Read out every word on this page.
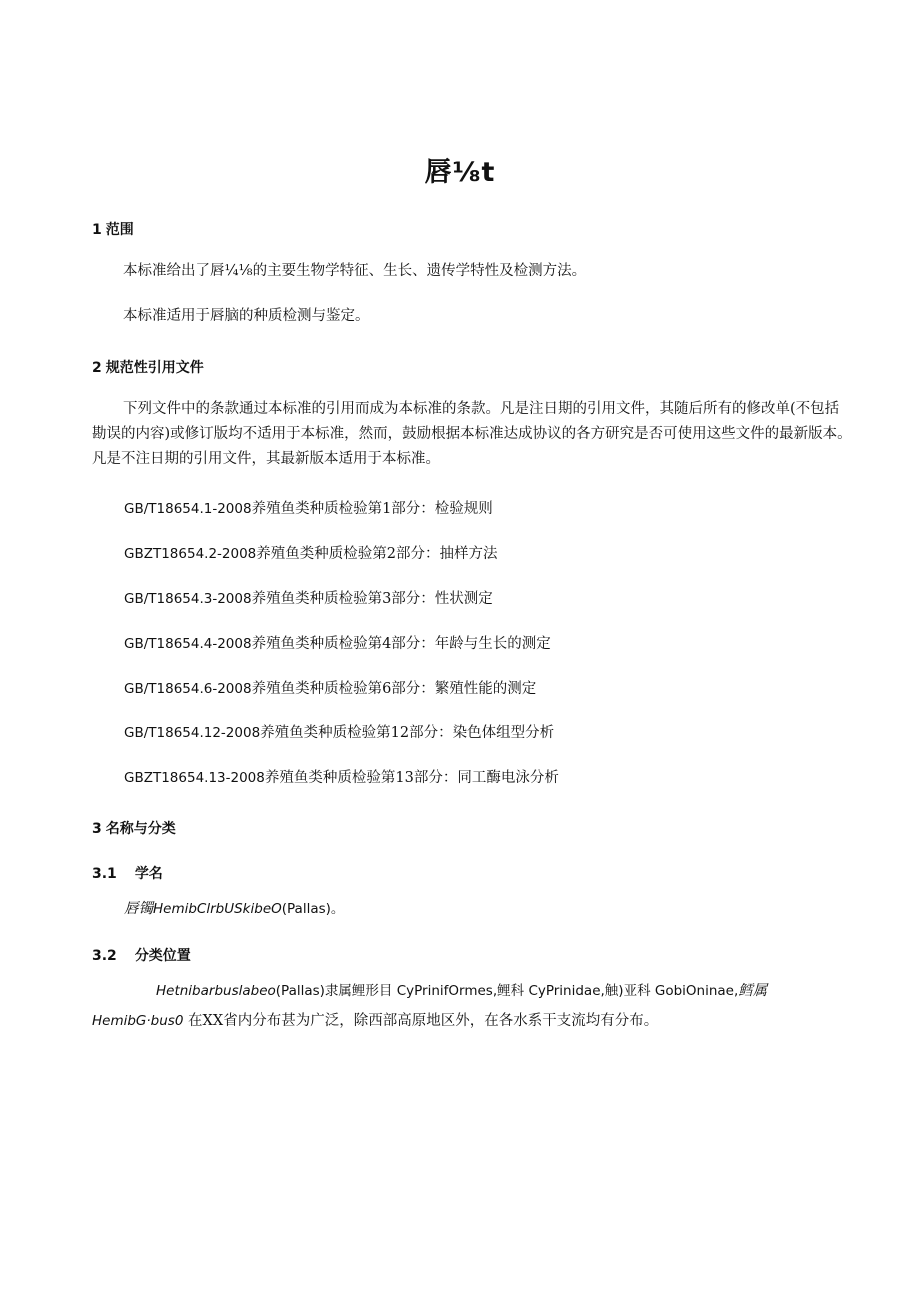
唇⅛t
1 范围

本标准给出了唇¼⅛的主要生物学特征、生长、遗传学特性及检测方法。

本标准适用于唇脑的种质检测与鉴定。

2 规范性引用文件

下列文件中的条款通过本标准的引用而成为本标准的条款。凡是注日期的引用文件，其随后所有的修改单(不包括勘误的内容)或修订版均不适用于本标准，然而，鼓励根据本标准达成协议的各方研究是否可使用这些文件的最新版本。凡是不注日期的引用文件，其最新版本适用于本标准。

GB/T18654.1-2008养殖鱼类种质检验第1部分：检验规则

GBZT18654.2-2008养殖鱼类种质检验第2部分：抽样方法

GB/T18654.3-2008养殖鱼类种质检验第3部分：性状测定

GB/T18654.4-2008养殖鱼类种质检验第4部分：年龄与生长的测定

GB/T18654.6-2008养殖鱼类种质检验第6部分：繁殖性能的测定

GB/T18654.12-2008养殖鱼类种质检验第12部分：染色体组型分析

GBZT18654.13-2008养殖鱼类种质检验第13部分：同工酶电泳分析

3 名称与分类
3.1 学名

唇镯HemibClrbUSkibeO(Pallas)。

3.2 分类位置

Hetnibarbuslabeo(Pallas)隶属鲤形目 CyPrinifOrmes,鲤科 CyPrinidae,触)亚科 GobiOninae,鳕属

HemibG·bus0 在XX省内分布甚为广泛，除西部高原地区外，在各水系干支流均有分布。
